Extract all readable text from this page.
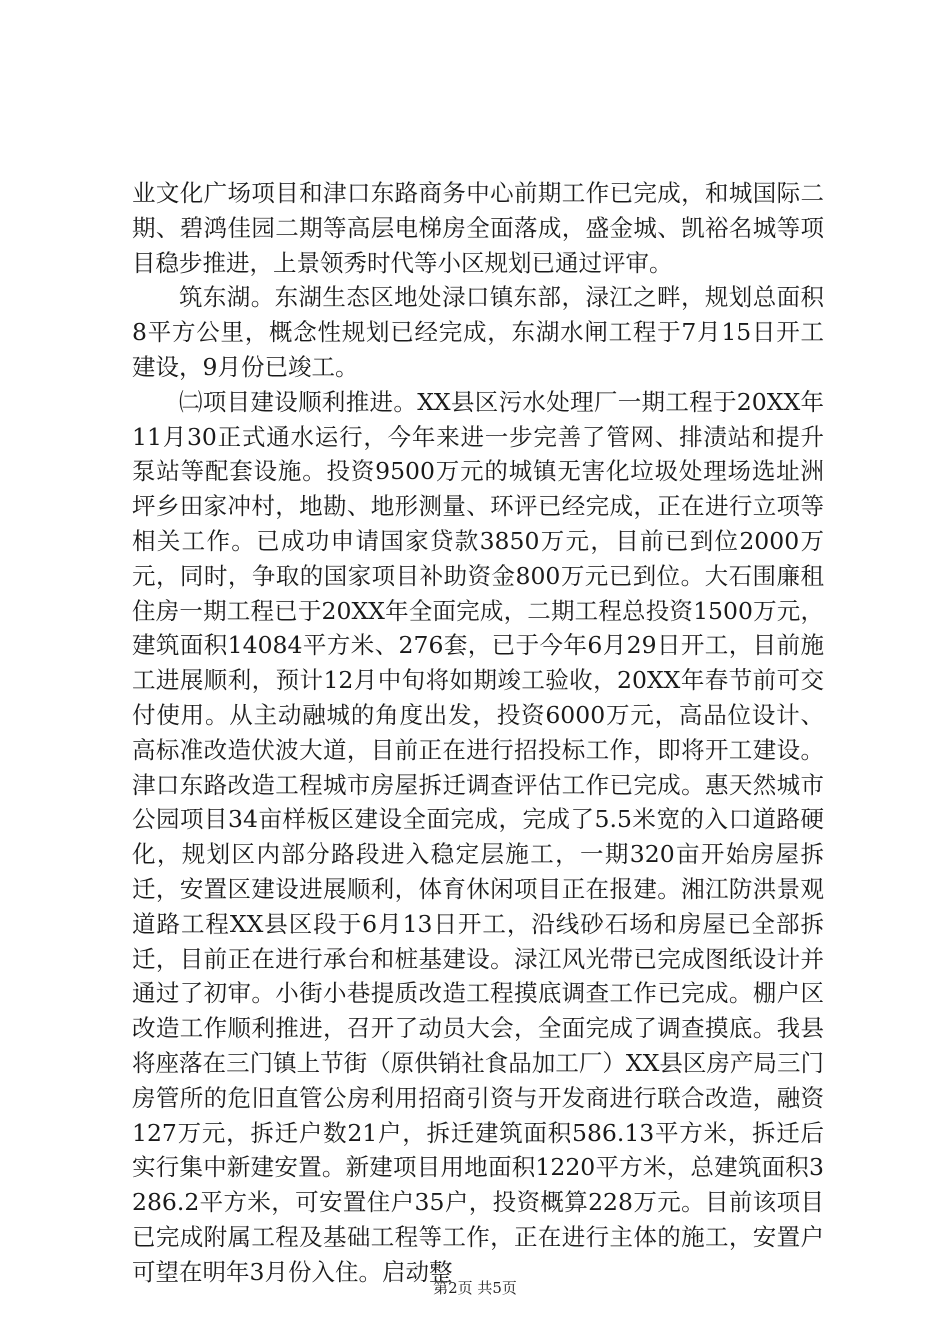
业文化广场项目和津口东路商务中心前期工作已完成，和城国际二期、碧鸿佳园二期等高层电梯房全面落成，盛金城、凯裕名城等项目稳步推进，上景领秀时代等小区规划已通过评审。

筑东湖。东湖生态区地处渌口镇东部，渌江之畔，规划总面积8平方公里，概念性规划已经完成，东湖水闸工程于7月15日开工建设，9月份已竣工。

㈡项目建设顺利推进。XX县区污水处理厂一期工程于20XX年11月30正式通水运行，今年来进一步完善了管网、排渍站和提升泵站等配套设施。投资9500万元的城镇无害化垃圾处理场选址洲坪乡田家冲村，地勘、地形测量、环评已经完成，正在进行立项等相关工作。已成功申请国家贷款3850万元，目前已到位2000万元，同时，争取的国家项目补助资金800万元已到位。大石围廉租住房一期工程已于20XX年全面完成，二期工程总投资1500万元，建筑面积14084平方米、276套，已于今年6月29日开工，目前施工进展顺利，预计12月中旬将如期竣工验收，20XX年春节前可交付使用。从主动融城的角度出发，投资6000万元，高品位设计、高标准改造伏波大道，目前正在进行招投标工作，即将开工建设。津口东路改造工程城市房屋拆迁调查评估工作已完成。惠天然城市公园项目34亩样板区建设全面完成，完成了5.5米宽的入口道路硬化，规划区内部分路段进入稳定层施工，一期320亩开始房屋拆迁，安置区建设进展顺利，体育休闲项目正在报建。湘江防洪景观道路工程XX县区段于6月13日开工，沿线砂石场和房屋已全部拆迁，目前正在进行承台和桩基建设。渌江风光带已完成图纸设计并通过了初审。小街小巷提质改造工程摸底调查工作已完成。棚户区改造工作顺利推进，召开了动员大会，全面完成了调查摸底。我县将座落在三门镇上节街（原供销社食品加工厂）XX县区房产局三门房管所的危旧直管公房利用招商引资与开发商进行联合改造，融资127万元，拆迁户数21户，拆迁建筑面积586.13平方米，拆迁后实行集中新建安置。新建项目用地面积1220平方米，总建筑面积3286.2平方米，可安置住户35户，投资概算228万元。目前该项目已完成附属工程及基础工程等工作，正在进行主体的施工，安置户可望在明年3月份入住。启动整

第2页 共5页
